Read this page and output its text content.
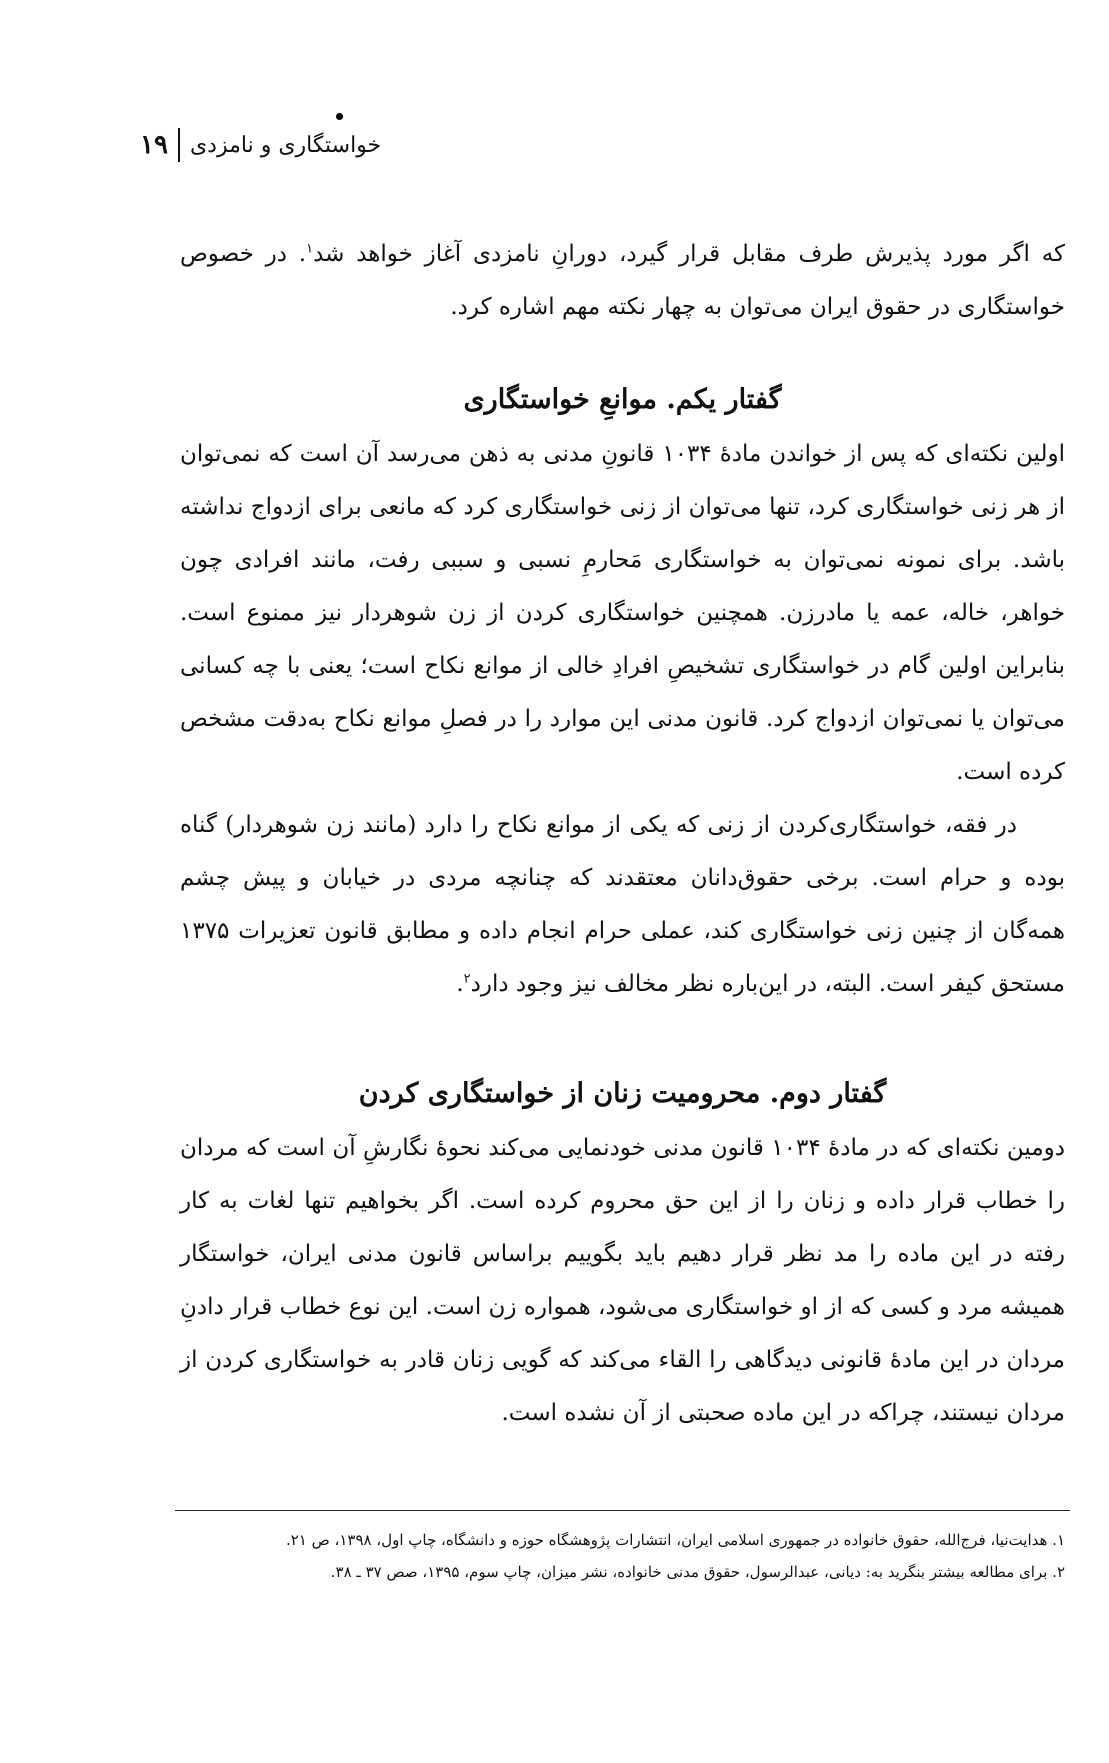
۱۹	خواستگاری و نامزدی

که اگر مورد پذیرش طرف مقابل قرار گیرد، دورانِ نامزدی آغاز خواهد شد$^۱$. در خصوص خواستگاری در حقوق ایران می‌توان به چهار نکته مهم اشاره کرد.

گفتار یکم. موانعِ خواستگاری

اولین نکته‌ای که پس از خواندن مادۀ ۱۰۳۴ قانونِ مدنی به ذهن می‌رسد آن است که نمی‌توان از هر زنی خواستگاری کرد، تنها می‌توان از زنی خواستگاری کرد که مانعی برای ازدواج نداشته باشد. برای نمونه نمی‌توان به خواستگاری مَحارمِ نسبی و سببی رفت، مانند افرادی چون خواهر، خاله، عمه یا مادرزن. همچنین خواستگاری کردن از زن شوهردار نیز ممنوع است. بنابراین اولین گام در خواستگاری تشخیصِ افرادِ خالی از موانع نکاح است؛ یعنی با چه کسانی می‌توان یا نمی‌توان ازدواج کرد. قانون مدنی این موارد را در فصلِ موانع نکاح به‌دقت مشخص کرده است.

در فقه، خواستگاری‌کردن از زنی که یکی از موانع نکاح را دارد (مانند زن شوهردار) گناه بوده و حرام است. برخی حقوق‌دانان معتقدند که چنانچه مردی در خیابان و پیش چشم همه‌گان از چنین زنی خواستگاری کند، عملی حرام انجام داده و مطابق قانون تعزیرات ۱۳۷۵ مستحق کیفر است. البته، در این‌باره نظر مخالف نیز وجود دارد$^۲$.

گفتار دوم. محرومیت زنان از خواستگاری کردن

دومین نکته‌ای که در مادۀ ۱۰۳۴ قانون مدنی خودنمایی می‌کند نحوۀ نگارشِ آن است که مردان را خطاب قرار داده و زنان را از این حق محروم کرده است. اگر بخواهیم تنها لغات به کار رفته در این ماده را مد نظر قرار دهیم باید بگوییم براساس قانون مدنی ایران، خواستگار همیشه مرد و کسی که از او خواستگاری می‌شود، همواره زن است. این نوع خطاب قرار دادنِ مردان در این مادۀ قانونی دیدگاهی را القاء می‌کند که گویی زنان قادر به خواستگاری کردن از مردان نیستند، چراکه در این ماده صحبتی از آن نشده است.

۱. هدایت‌نیا، فرج‌الله، حقوق خانواده در جمهوری اسلامی ایران، انتشارات پژوهشگاه حوزه و دانشگاه، چاپ اول، ۱۳۹۸، ص ۲۱.

۲. برای مطالعه بیشتر بنگرید به: دیانی، عبدالرسول، حقوق مدنی خانواده، نشر میزان، چاپ سوم، ۱۳۹۵، صص ۳۷ ـ ۳۸.
